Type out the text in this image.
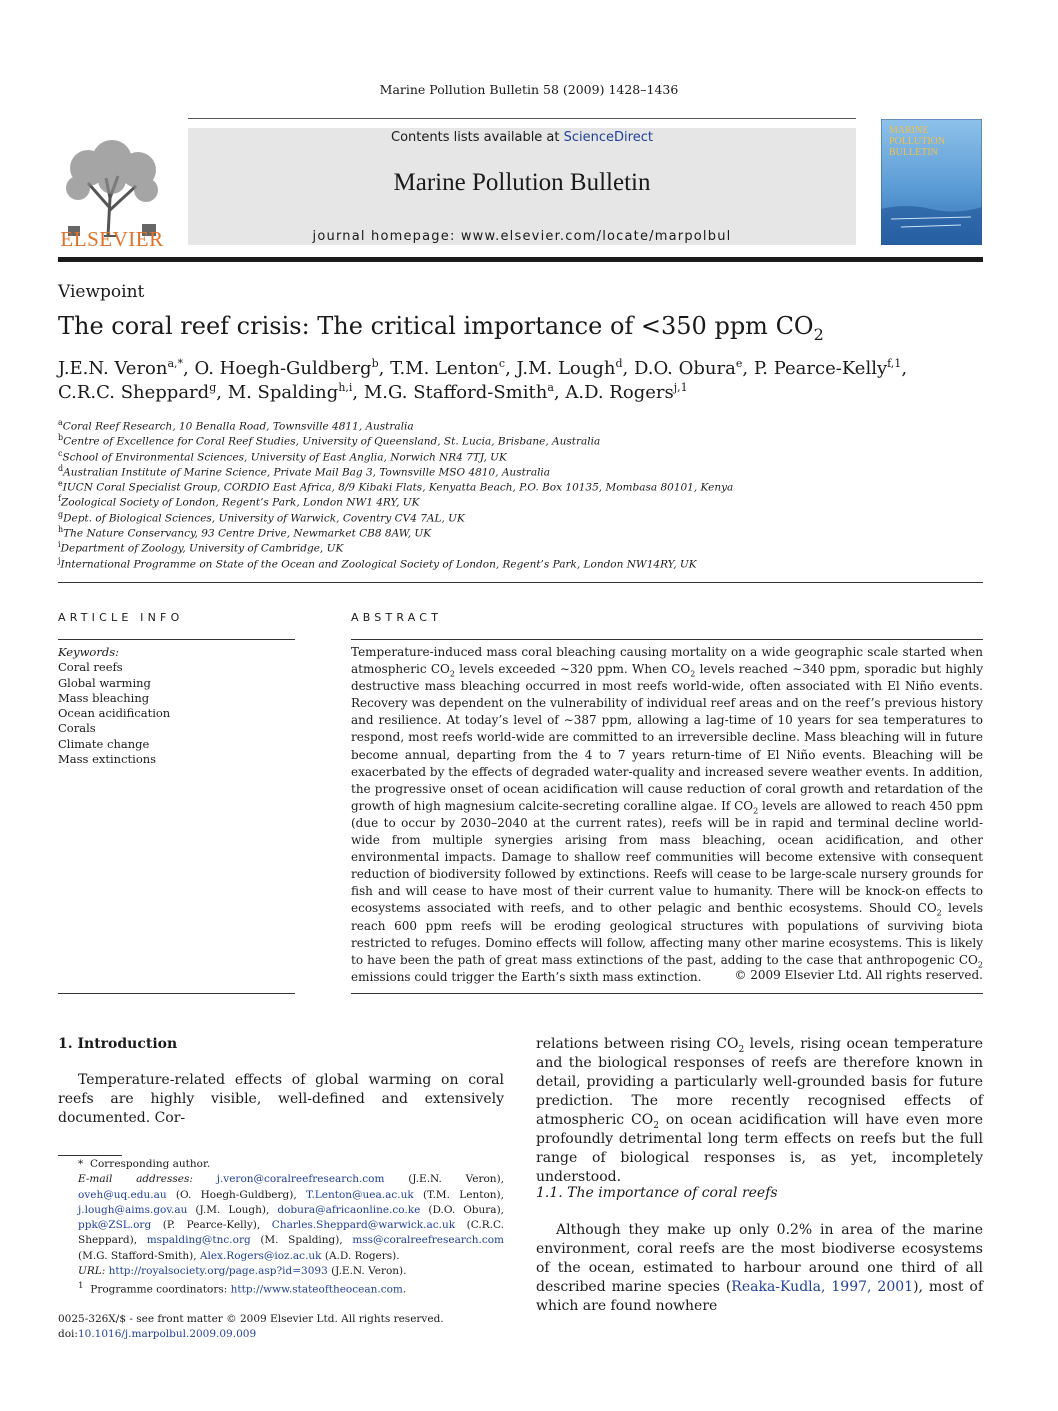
Marine Pollution Bulletin 58 (2009) 1428–1436
ELSEVIER
Contents lists available at ScienceDirect
Marine Pollution Bulletin
journal homepage: www.elsevier.com/locate/marpolbul
MARINE
POLLUTION
BULLETIN
Viewpoint
The coral reef crisis: The critical importance of <350 ppm $CO_2$
J.E.N. Veron$^{a,*}$, O. Hoegh-Guldberg$^b$, T.M. Lenton$^c$, J.M. Lough$^d$, D.O. Obura$^e$, P. Pearce-Kelly$^{f,1}$,
C.R.C. Sheppard$^g$, M. Spalding$^{h,i}$, M.G. Stafford-Smith$^a$, A.D. Rogers$^{j,1}$
$^a$Coral Reef Research, 10 Benalla Road, Townsville 4811, Australia
$^b$Centre of Excellence for Coral Reef Studies, University of Queensland, St. Lucia, Brisbane, Australia
$^c$School of Environmental Sciences, University of East Anglia, Norwich NR4 7TJ, UK
$^d$Australian Institute of Marine Science, Private Mail Bag 3, Townsville MSO 4810, Australia
$^e$IUCN Coral Specialist Group, CORDIO East Africa, 8/9 Kibaki Flats, Kenyatta Beach, P.O. Box 10135, Mombasa 80101, Kenya
$^f$Zoological Society of London, Regent’s Park, London NW1 4RY, UK
$^g$Dept. of Biological Sciences, University of Warwick, Coventry CV4 7AL, UK
$^h$The Nature Conservancy, 93 Centre Drive, Newmarket CB8 8AW, UK
$^i$Department of Zoology, University of Cambridge, UK
$^j$International Programme on State of the Ocean and Zoological Society of London, Regent’s Park, London NW14RY, UK
ARTICLE INFO	ABSTRACT
Keywords:
Coral reefs
Global warming
Mass bleaching
Ocean acidification
Corals
Climate change
Mass extinctions
Temperature-induced mass coral bleaching causing mortality on a wide geographic scale started when atmospheric $CO_2$ levels exceeded ∼320 ppm. When $CO_2$ levels reached ∼340 ppm, sporadic but highly destructive mass bleaching occurred in most reefs world-wide, often associated with El Niño events. Recovery was dependent on the vulnerability of individual reef areas and on the reef’s previous history and resilience. At today’s level of ∼387 ppm, allowing a lag-time of 10 years for sea temperatures to respond, most reefs world-wide are committed to an irreversible decline. Mass bleaching will in future become annual, departing from the 4 to 7 years return-time of El Niño events. Bleaching will be exacerbated by the effects of degraded water-quality and increased severe weather events. In addition, the progressive onset of ocean acidification will cause reduction of coral growth and retardation of the growth of high magnesium calcite-secreting coralline algae. If $CO_2$ levels are allowed to reach 450 ppm (due to occur by 2030–2040 at the current rates), reefs will be in rapid and terminal decline world-wide from multiple synergies arising from mass bleaching, ocean acidification, and other environmental impacts. Damage to shallow reef communities will become extensive with consequent reduction of biodiversity followed by extinctions. Reefs will cease to be large-scale nursery grounds for fish and will cease to have most of their current value to humanity. There will be knock-on effects to ecosystems associated with reefs, and to other pelagic and benthic ecosystems. Should $CO_2$ levels reach 600 ppm reefs will be eroding geological structures with populations of surviving biota restricted to refuges. Domino effects will follow, affecting many other marine ecosystems. This is likely to have been the path of great mass extinctions of the past, adding to the case that anthropogenic $CO_2$ emissions could trigger the Earth’s sixth mass extinction.	© 2009 Elsevier Ltd. All rights reserved.
1. Introduction
Temperature-related effects of global warming on coral reefs are highly visible, well-defined and extensively documented. Cor-
* Corresponding author.
E-mail addresses: j.veron@coralreefresearch.com (J.E.N. Veron), oveh@uq.edu.au (O. Hoegh-Guldberg), T.Lenton@uea.ac.uk (T.M. Lenton), j.lough@aims.gov.au (J.M. Lough), dobura@africaonline.co.ke (D.O. Obura), ppk@ZSL.org (P. Pearce-Kelly), Charles.Sheppard@warwick.ac.uk (C.R.C. Sheppard), mspalding@tnc.org (M. Spalding), mss@coralreefresearch.com (M.G. Stafford-Smith), Alex.Rogers@ioz.ac.uk (A.D. Rogers).
URL: http://royalsociety.org/page.asp?id=3093 (J.E.N. Veron).
$^1$ Programme coordinators: http://www.stateoftheocean.com.
0025-326X/$ - see front matter © 2009 Elsevier Ltd. All rights reserved.
doi:10.1016/j.marpolbul.2009.09.009
relations between rising $CO_2$ levels, rising ocean temperature and the biological responses of reefs are therefore known in detail, providing a particularly well-grounded basis for future prediction. The more recently recognised effects of atmospheric $CO_2$ on ocean acidification will have even more profoundly detrimental long term effects on reefs but the full range of biological responses is, as yet, incompletely understood.
1.1. The importance of coral reefs
Although they make up only 0.2% in area of the marine environment, coral reefs are the most biodiverse ecosystems of the ocean, estimated to harbour around one third of all described marine species (Reaka-Kudla, 1997, 2001), most of which are found nowhere
